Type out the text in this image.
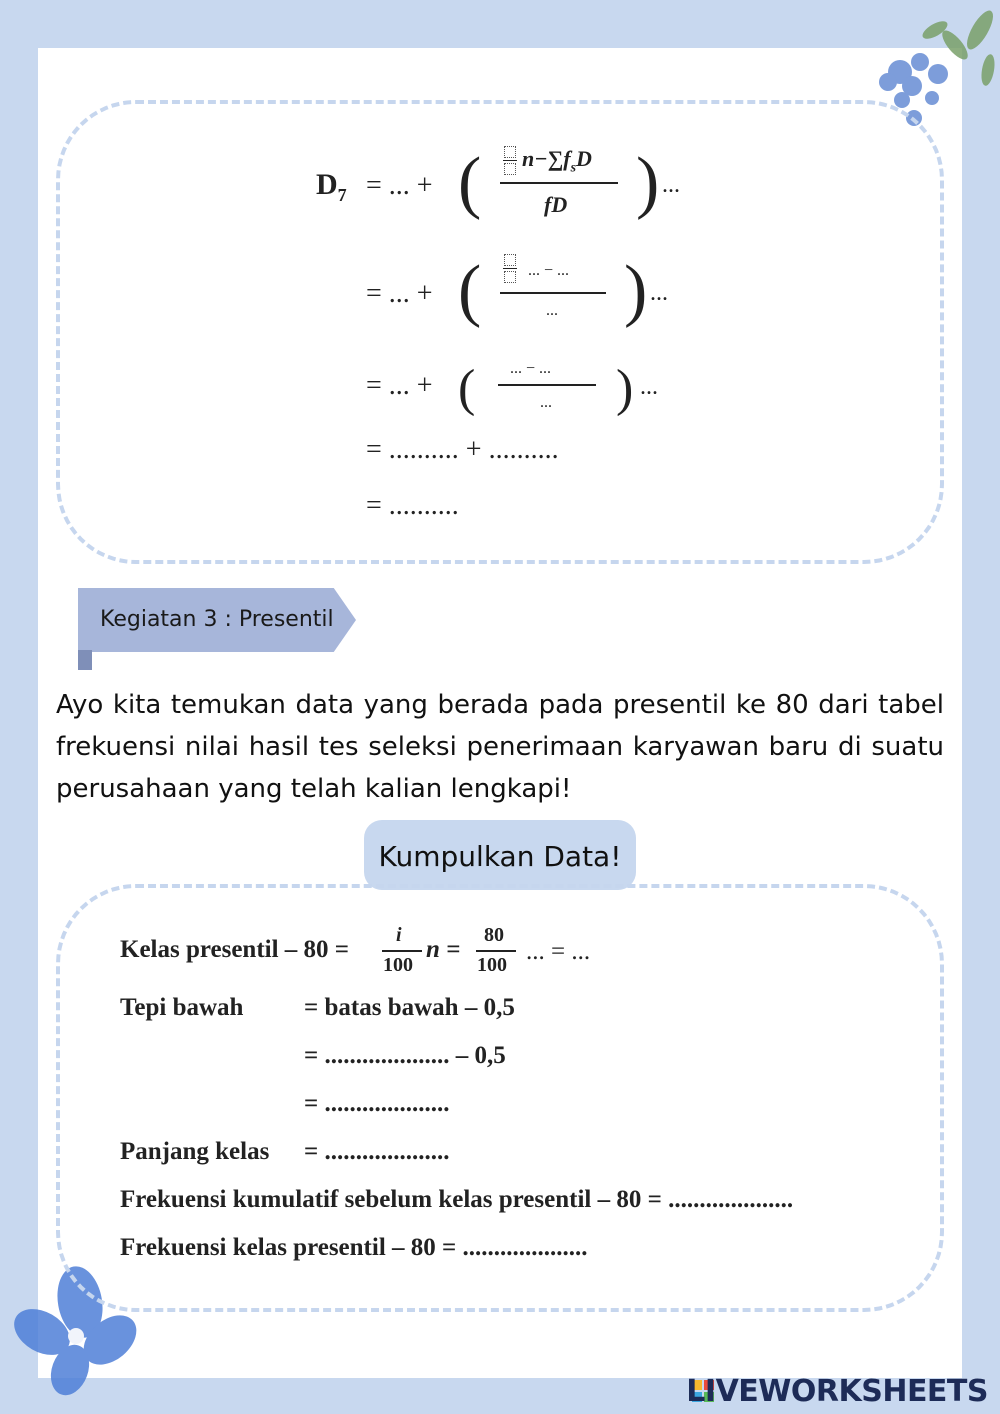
$D_7$ = ... + ( $n-\sum f_sD$
fD ) ...
= ... + (	... − ...
... ) ...
= ... + ( ... − ...
... ) ...
= .......... + ..........
= ..........
Kegiatan 3 : Presentil
Ayo kita temukan data yang berada pada presentil ke 80 dari tabel frekuensi nilai hasil tes seleksi penerimaan karyawan baru di suatu perusahaan yang telah kalian lengkapi!
Kumpulkan Data!
Kelas presentil – 80 =
i
100
n =
80
100 ... = ...
Tepi bawah = batas bawah – 0,5
= .................... – 0,5
= ....................
Panjang kelas = ....................
Frekuensi kumulatif sebelum kelas presentil – 80 = ....................
Frekuensi kelas presentil – 80 = ....................
LIVEWORKSHEETS
